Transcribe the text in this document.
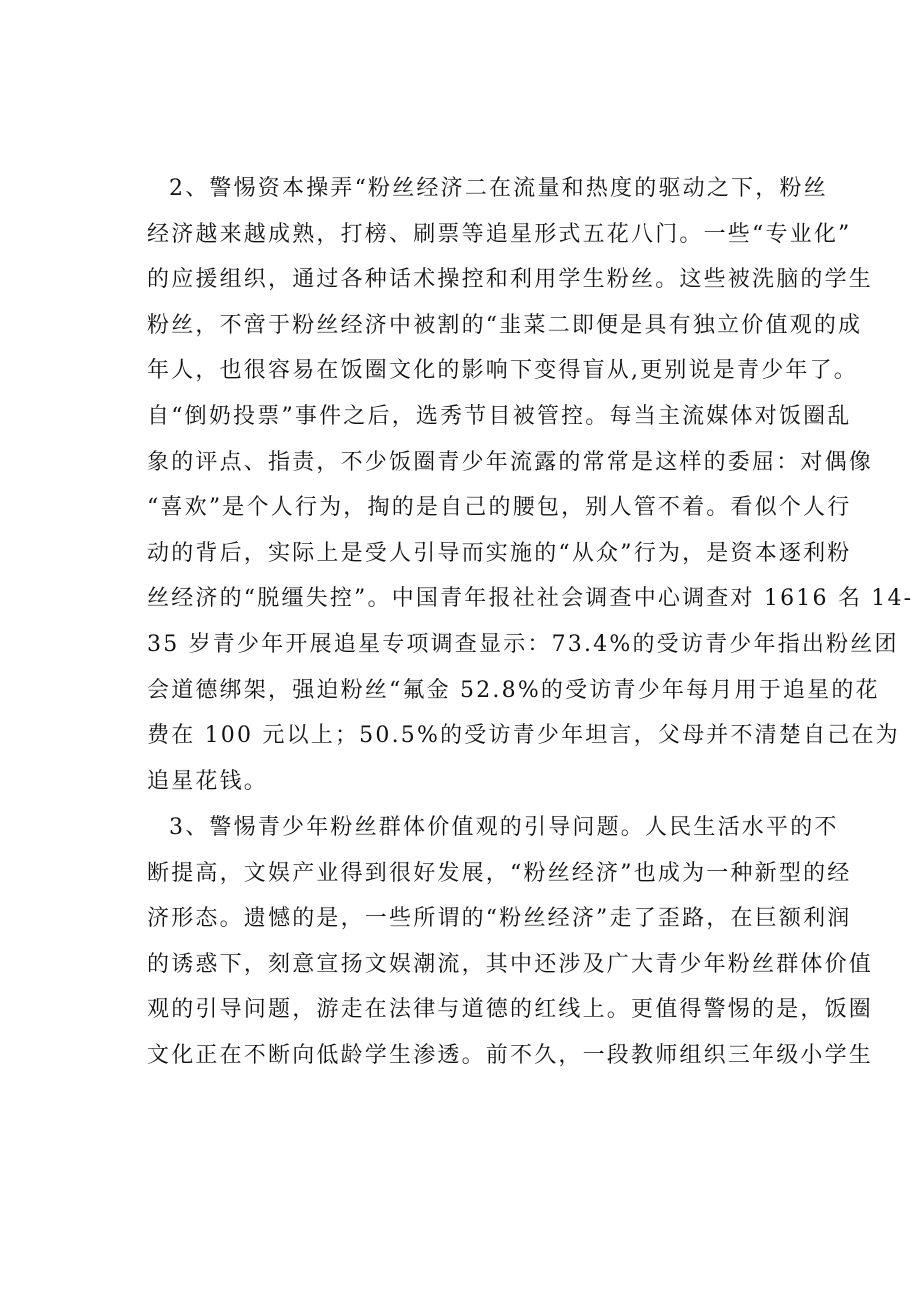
2、警惕资本操弄“粉丝经济二在流量和热度的驱动之下，粉丝
经济越来越成熟，打榜、刷票等追星形式五花八门。一些“专业化”
的应援组织，通过各种话术操控和利用学生粉丝。这些被洗脑的学生
粉丝，不啻于粉丝经济中被割的“韭菜二即便是具有独立价值观的成
年人，也很容易在饭圈文化的影响下变得盲从,更别说是青少年了。
自“倒奶投票”事件之后，选秀节目被管控。每当主流媒体对饭圈乱
象的评点、指责，不少饭圈青少年流露的常常是这样的委屈：对偶像
“喜欢”是个人行为，掏的是自己的腰包，别人管不着。看似个人行
动的背后，实际上是受人引导而实施的“从众”行为，是资本逐利粉
丝经济的“脱缰失控”。中国青年报社社会调查中心调查对 1616 名 14-
35 岁青少年开展追星专项调查显示：73.4%的受访青少年指出粉丝团
会道德绑架，强迫粉丝“氟金 52.8%的受访青少年每月用于追星的花
费在 100 元以上；50.5%的受访青少年坦言，父母并不清楚自己在为
追星花钱。
3、警惕青少年粉丝群体价值观的引导问题。人民生活水平的不
断提高，文娱产业得到很好发展，“粉丝经济”也成为一种新型的经
济形态。遗憾的是，一些所谓的“粉丝经济”走了歪路，在巨额利润
的诱惑下，刻意宣扬文娱潮流，其中还涉及广大青少年粉丝群体价值
观的引导问题，游走在法律与道德的红线上。更值得警惕的是，饭圈
文化正在不断向低龄学生渗透。前不久，一段教师组织三年级小学生
